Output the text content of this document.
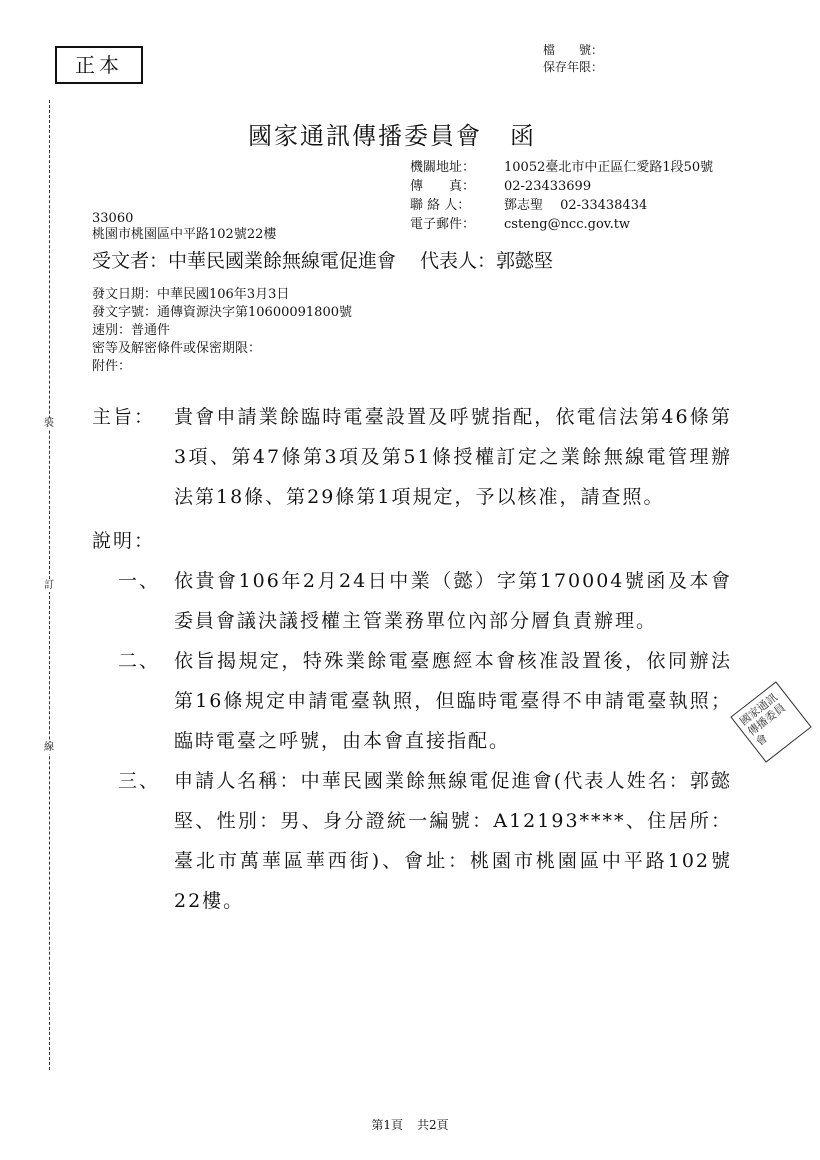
裝
訂
線
正本
檔　　號：
保存年限：
國家通訊傳播委員會 函
機關地址：	10052臺北市中正區仁愛路1段50號
傳　　真：	02-23433699
聯 絡 人：	鄧志聖　 02-33438434
電子郵件：	csteng@ncc.gov.tw
33060
桃園市桃園區中平路102號22樓
受文者：中華民國業餘無線電促進會 代表人：郭懿堅
發文日期：中華民國106年3月3日
發文字號：通傳資源決字第10600091800號
速別：普通件
密等及解密條件或保密期限：
附件：
主旨： 貴會申請業餘臨時電臺設置及呼號指配，依電信法第46條第3項、第47條第3項及第51條授權訂定之業餘無線電管理辦法第18條、第29條第1項規定，予以核准，請查照。
說明：
一、 依貴會106年2月24日中業（懿）字第170004號函及本會委員會議決議授權主管業務單位內部分層負責辦理。
二、 依旨揭規定，特殊業餘電臺應經本會核准設置後，依同辦法第16條規定申請電臺執照，但臨時電臺得不申請電臺執照；臨時電臺之呼號，由本會直接指配。
三、 申請人名稱：中華民國業餘無線電促進會(代表人姓名：郭懿堅、性別：男、身分證統一編號：A12193****、住居所：臺北市萬華區華西街)、會址：桃園市桃園區中平路102號22樓。
國家通訊傳播委員會
第1頁 共2頁
